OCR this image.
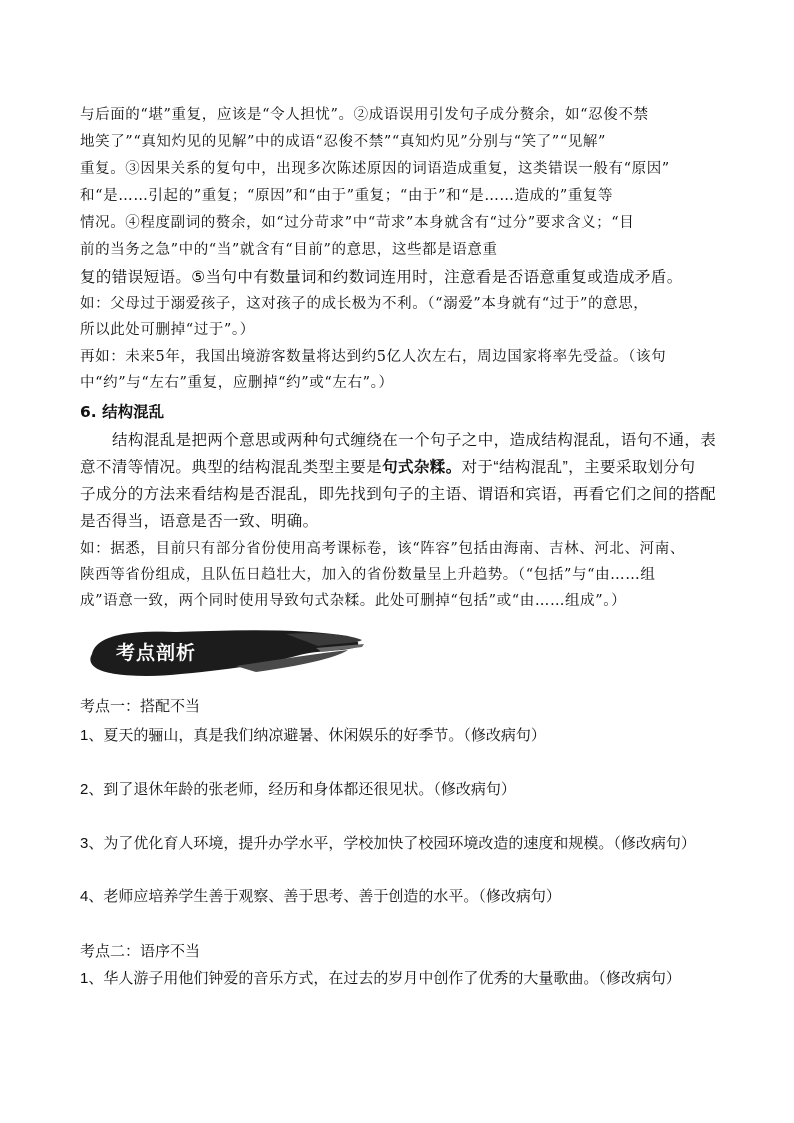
与后面的“堪”重复，应该是“令人担忧”。②成语误用引发句子成分赘余，如“忍俊不禁
地笑了”“真知灼见的见解”中的成语“忍俊不禁”“真知灼见”分别与“笑了”“见解”
重复。③因果关系的复句中，出现多次陈述原因的词语造成重复，这类错误一般有“原因”
和“是……引起的”重复；“原因”和“由于”重复；“由于”和“是……造成的”重复等
情况。④程度副词的赘余，如“过分苛求”中“苛求”本身就含有“过分”要求含义；“目
前的当务之急”中的“当”就含有“目前”的意思，这些都是语意重
复的错误短语。⑤当句中有数量词和约数词连用时，注意看是否语意重复或造成矛盾。
如：父母过于溺爱孩子，这对孩子的成长极为不利。（“溺爱”本身就有“过于”的意思，
所以此处可删掉“过于”。）
再如：未来5年，我国出境游客数量将达到约5亿人次左右，周边国家将率先受益。（该句
中“约”与“左右”重复，应删掉“约”或“左右”。）
6. 结构混乱
结构混乱是把两个意思或两种句式缠绕在一个句子之中，造成结构混乱，语句不通，表
意不清等情况。典型的结构混乱类型主要是句式杂糅。对于“结构混乱”，主要采取划分句
子成分的方法来看结构是否混乱，即先找到句子的主语、谓语和宾语，再看它们之间的搭配
是否得当，语意是否一致、明确。
如：据悉，目前只有部分省份使用高考课标卷，该“阵容”包括由海南、吉林、河北、河南、
陕西等省份组成，且队伍日趋壮大，加入的省份数量呈上升趋势。（“包括”与“由……组
成”语意一致，两个同时使用导致句式杂糅。此处可删掉“包括”或“由……组成”。）
考点剖析
考点一：搭配不当
1、夏天的骊山，真是我们纳凉避暑、休闲娱乐的好季节。（修改病句）
2、到了退休年龄的张老师，经历和身体都还很见状。（修改病句）
3、为了优化育人环境，提升办学水平，学校加快了校园环境改造的速度和规模。（修改病句）
4、老师应培养学生善于观察、善于思考、善于创造的水平。（修改病句）
考点二：语序不当
1、华人游子用他们钟爱的音乐方式，在过去的岁月中创作了优秀的大量歌曲。（修改病句）
